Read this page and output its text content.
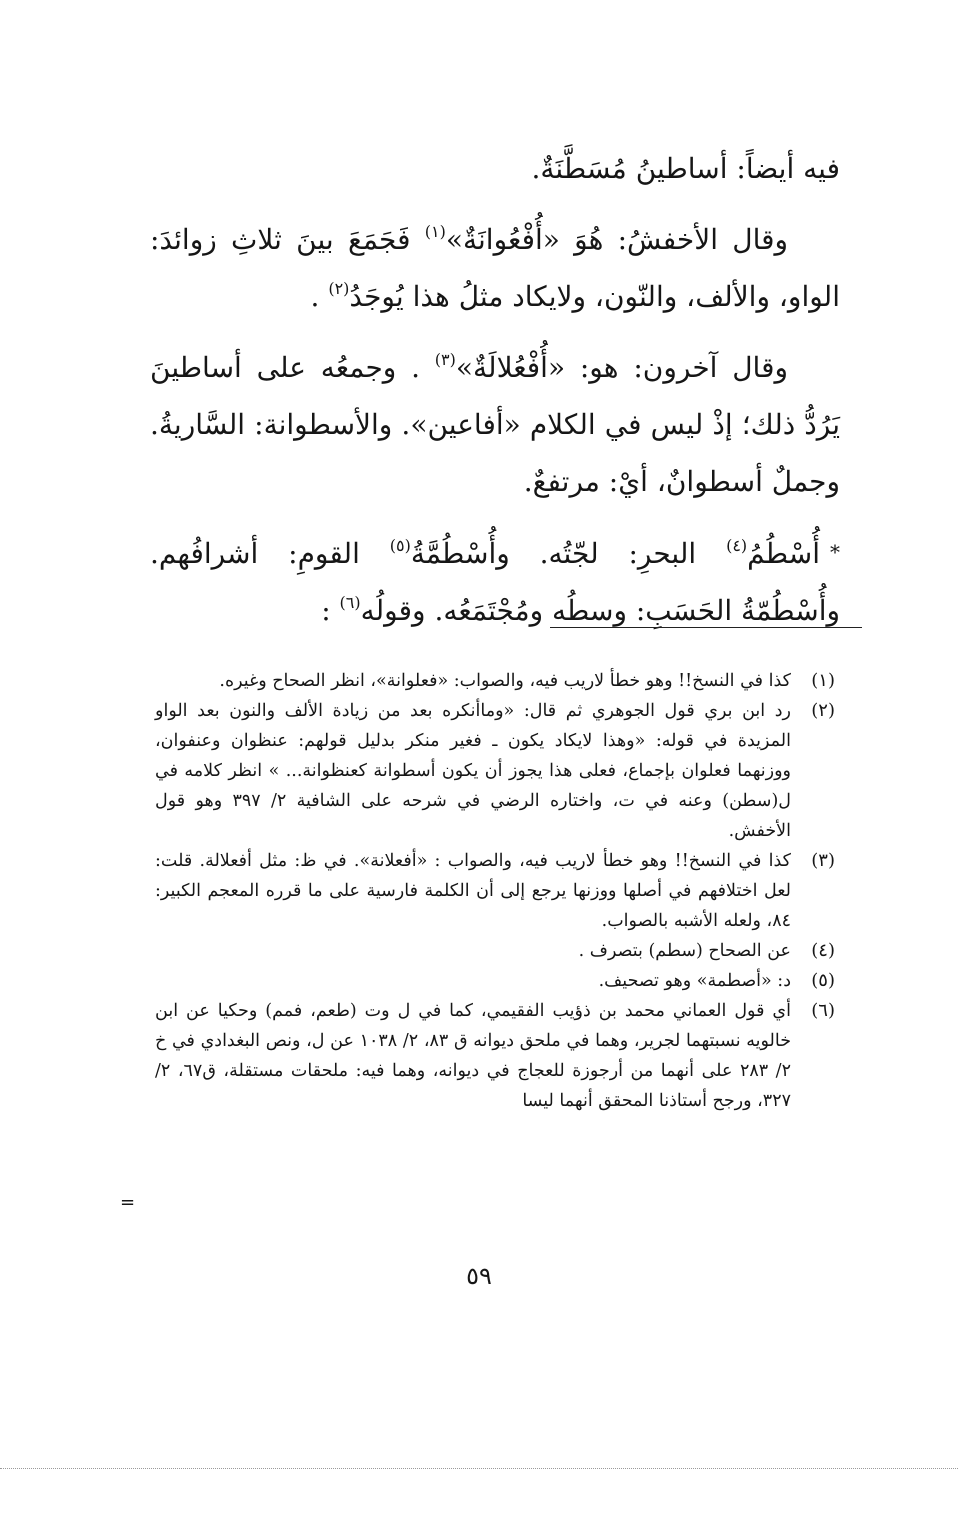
فيه أيضاً: أساطينُ مُسَطَّنَةٌ.

وقال الأخفشُ: هُوَ «أُفْعُوانَةٌ»$^{(١)}$ فَجَمَعَ بينَ ثلاثِ زوائدَ: الواو، والألف، والنّون، ولايكاد مثلُ هذا يُوجَدُ$^{(٢)}$ .

وقال آخرون: هو: «أُفْعُلالَةٌ»$^{(٣)}$ . وجمعُه على أساطينَ يَرُدُّ ذلك؛ إذْ ليس في الكلام «أفاعين». والأسطوانة: السَّاريةُ. وجملٌ أسطوانٌ، أيْ: مرتفعٌ.

*أُسْطُمُ$^{(٤)}$ البحرِ: لجّتُه. وأُسْطُمَّةُ$^{(٥)}$ القومِ: أشرافُهم. وأُسْطُمّةُ الحَسَبِ: وسطُه ومُجْتَمَعُه. وقولُه$^{(٦)}$ :

(١)
كذا في النسخ!! وهو خطأ لاريب فيه، والصواب: «فعلوانة»، انظر الصحاح وغيره.
(٢)
رد ابن بري قول الجوهري ثم قال: «وماأنكره بعد من زيادة الألف والنون بعد الواو المزيدة في قوله: «وهذا لايكاد يكون ـ فغير منكر بدليل قولهم: عنظوان وعنفوان، ووزنهما فعلوان بإجماع، فعلى هذا يجوز أن يكون أسطوانة كعنظوانة... » انظر كلامه في ل(سطن) وعنه في ت، واختاره الرضي في شرحه على الشافية ٢/ ٣٩٧ وهو قول الأخفش.
(٣)
كذا في النسخ!! وهو خطأ لاريب فيه، والصواب : «أفعلانة». في ظ: مثل أفعلالة. قلت: لعل اختلافهم في أصلها ووزنها يرجع إلى أن الكلمة فارسية على ما قرره المعجم الكبير: ٨٤، ولعله الأشبه بالصواب.
(٤)
عن الصحاح (سطم) بتصرف .
(٥)
د: «أصطمة» وهو تصحيف.
(٦)
أي قول العماني محمد بن ذؤيب الفقيمي، كما في ل وت (طعم، فمم) وحكيا عن ابن خالويه نسبتهما لجرير، وهما في ملحق ديوانه ق ٨٣، ٢/ ١٠٣٨ عن ل، ونص البغدادي في خ ٢/ ٢٨٣ على أنهما من أرجوزة للعجاج في ديوانه، وهما فيه: ملحقات مستقلة، ق٦٧، ٢/ ٣٢٧، ورجح أستاذنا المحقق أنهما ليسا
=
٥٩
